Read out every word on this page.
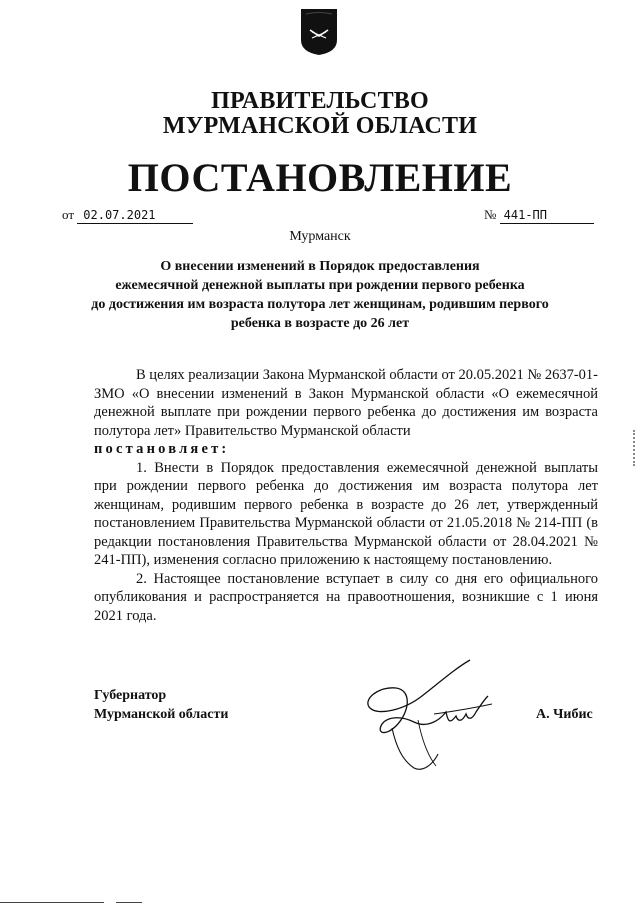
ПРАВИТЕЛЬСТВО
МУРМАНСКОЙ ОБЛАСТИ
ПОСТАНОВЛЕНИЕ
от 02.07.2021	№ 441-ПП
Мурманск
О внесении изменений в Порядок предоставления
ежемесячной денежной выплаты при рождении первого ребенка
до достижения им возраста полутора лет женщинам, родившим первого
ребенка в возрасте до 26 лет

В целях реализации Закона Мурманской области от 20.05.2021 № 2637-01-ЗМО «О внесении изменений в Закон Мурманской области «О ежемесячной денежной выплате при рождении первого ребенка до достижения им возраста полутора лет» Правительство Мурманской области

постановляет:

1. Внести в Порядок предоставления ежемесячной денежной выплаты при рождении первого ребенка до достижения им возраста полутора лет женщинам, родившим первого ребенка в возрасте до 26 лет, утвержденный постановлением Правительства Мурманской области от 21.05.2018 № 214-ПП (в редакции постановления Правительства Мурманской области от 28.04.2021 № 241-ПП), изменения согласно приложению к настоящему постановлению.

2. Настоящее постановление вступает в силу со дня его официального опубликования и распространяется на правоотношения, возникшие с 1 июня 2021 года.

Губернатор
Мурманской области	А. Чибис
